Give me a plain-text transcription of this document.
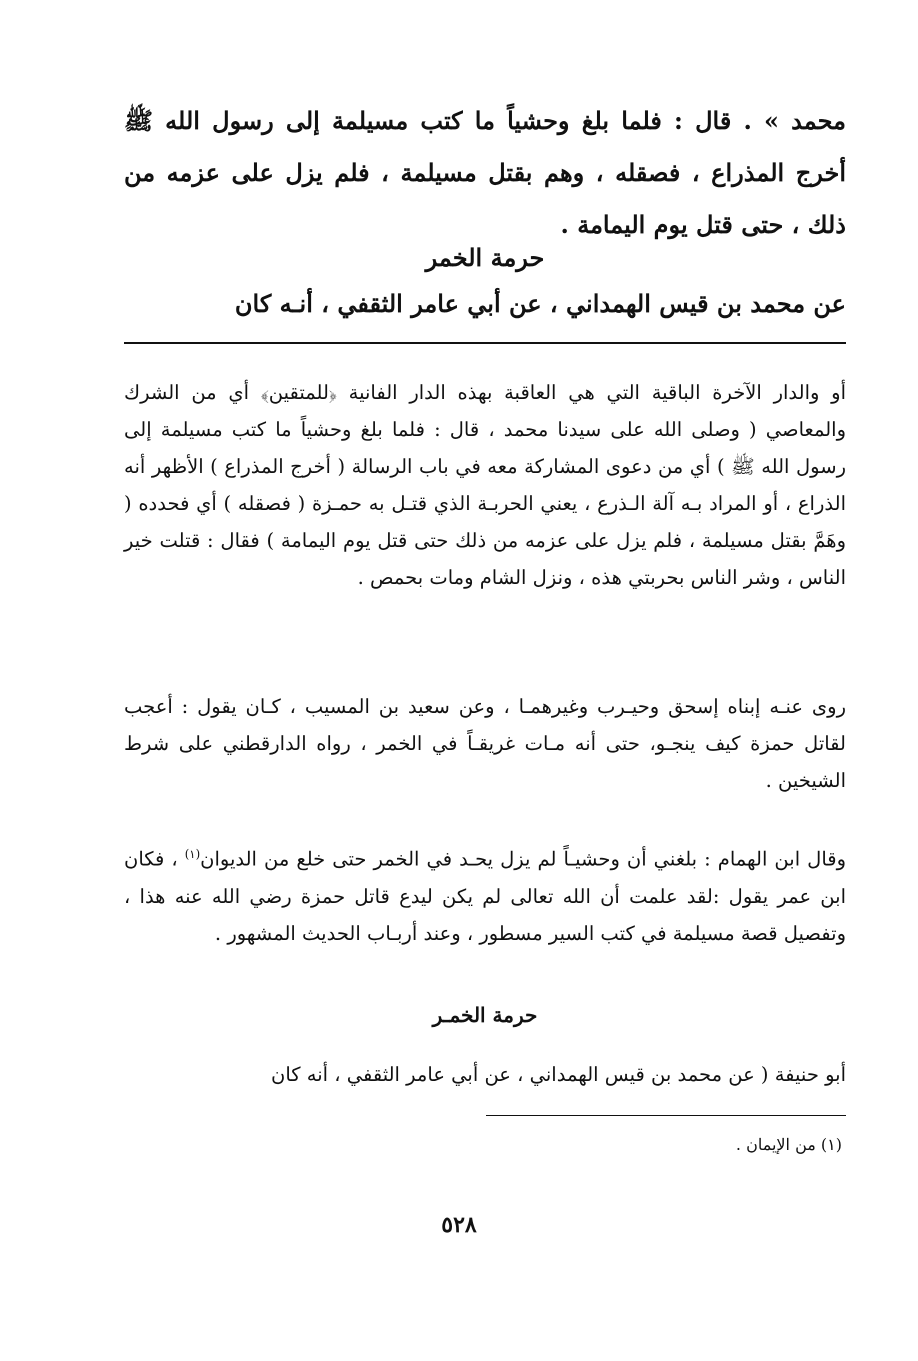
محمد » . قال : فلما بلغ وحشياً ما كتب مسيلمة إلى رسول الله ﷺ أخرج المذراع ، فصقله ، وهم بقتل مسيلمة ، فلم يزل على عزمه من ذلك ، حتى قتل يوم اليمامة .
حرمة الخمر
عن محمد بن قيس الهمداني ، عن أبي عامر الثقفي ، أنـه كان
أو والدار الآخرة الباقية التي هي العاقبة بهذه الدار الفانية ﴿للمتقين﴾ أي من الشرك والمعاصي ( وصلى الله على سيدنا محمد ، قال : فلما بلغ وحشياً ما كتب مسيلمة إلى رسول الله ﷺ ) أي من دعوى المشاركة معه في باب الرسالة ( أخرج المذراع ) الأظهر أنه الذراع ، أو المراد بـه آلة الـذرع ، يعني الحربـة الذي قتـل به حمـزة ( فصقله ) أي فحدده ( وهَمَّ بقتل مسيلمة ، فلم يزل على عزمه من ذلك حتى قتل يوم اليمامة ) فقال : قتلت خير الناس ، وشر الناس بحربتي هذه ، ونزل الشام ومات بحمص .
روى عنـه إبناه إسحق وحيـرب وغيرهمـا ، وعن سعيد بن المسيب ، كـان يقول : أعجب لقاتل حمزة كيف ينجـو، حتى أنه مـات غريقـاً في الخمر ، رواه الدارقطني على شرط الشيخين .
وقال ابن الهمام : بلغني أن وحشيـاً لم يزل يحـد في الخمر حتى خلع من الديوان$^{(١)}$ ، فكان ابن عمر يقول :لقد علمت أن الله تعالى لم يكن ليدع قاتل حمزة رضي الله عنه هذا ، وتفصيل قصة مسيلمة في كتب السير مسطور ، وعند أربـاب الحديث المشهور .
حرمة الخمـر
أبو حنيفة ( عن محمد بن قيس الهمداني ، عن أبي عامر الثقفي ، أنه كان
(١) من الإيمان .
٥٢٨
